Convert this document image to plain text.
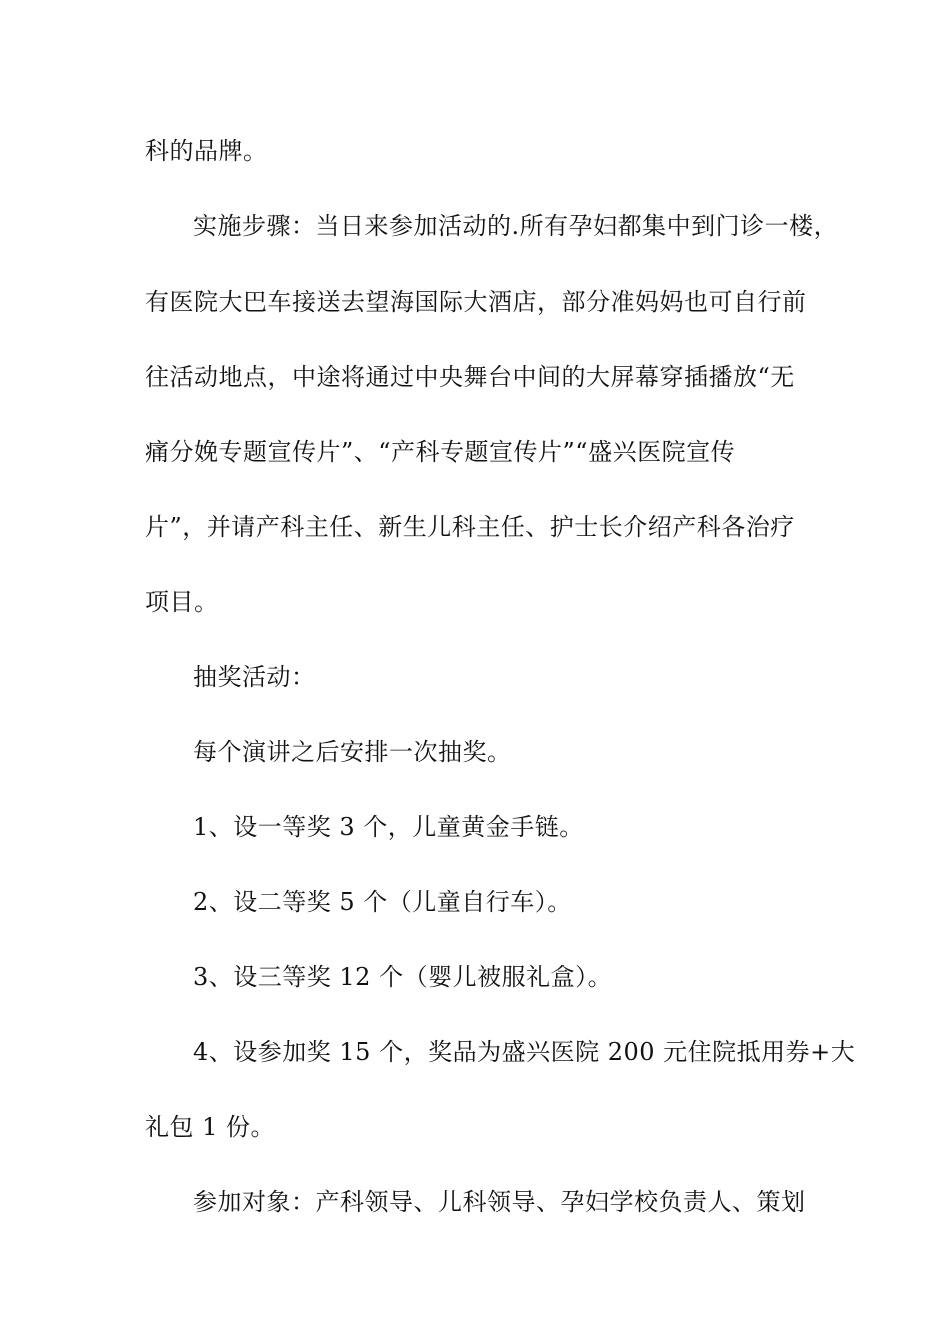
科的品牌。
实施步骤：当日来参加活动的.所有孕妇都集中到门诊一楼，
有医院大巴车接送去望海国际大酒店，部分准妈妈也可自行前
往活动地点，中途将通过中央舞台中间的大屏幕穿插播放“无
痛分娩专题宣传片”、“产科专题宣传片”“盛兴医院宣传
片”，并请产科主任、新生儿科主任、护士长介绍产科各治疗
项目。
抽奖活动：
每个演讲之后安排一次抽奖。
1、设一等奖 3 个，儿童黄金手链。
2、设二等奖 5 个（儿童自行车）。
3、设三等奖 12 个（婴儿被服礼盒）。
4、设参加奖 15 个，奖品为盛兴医院 200 元住院抵用券+大
礼包 1 份。
参加对象：产科领导、儿科领导、孕妇学校负责人、策划
